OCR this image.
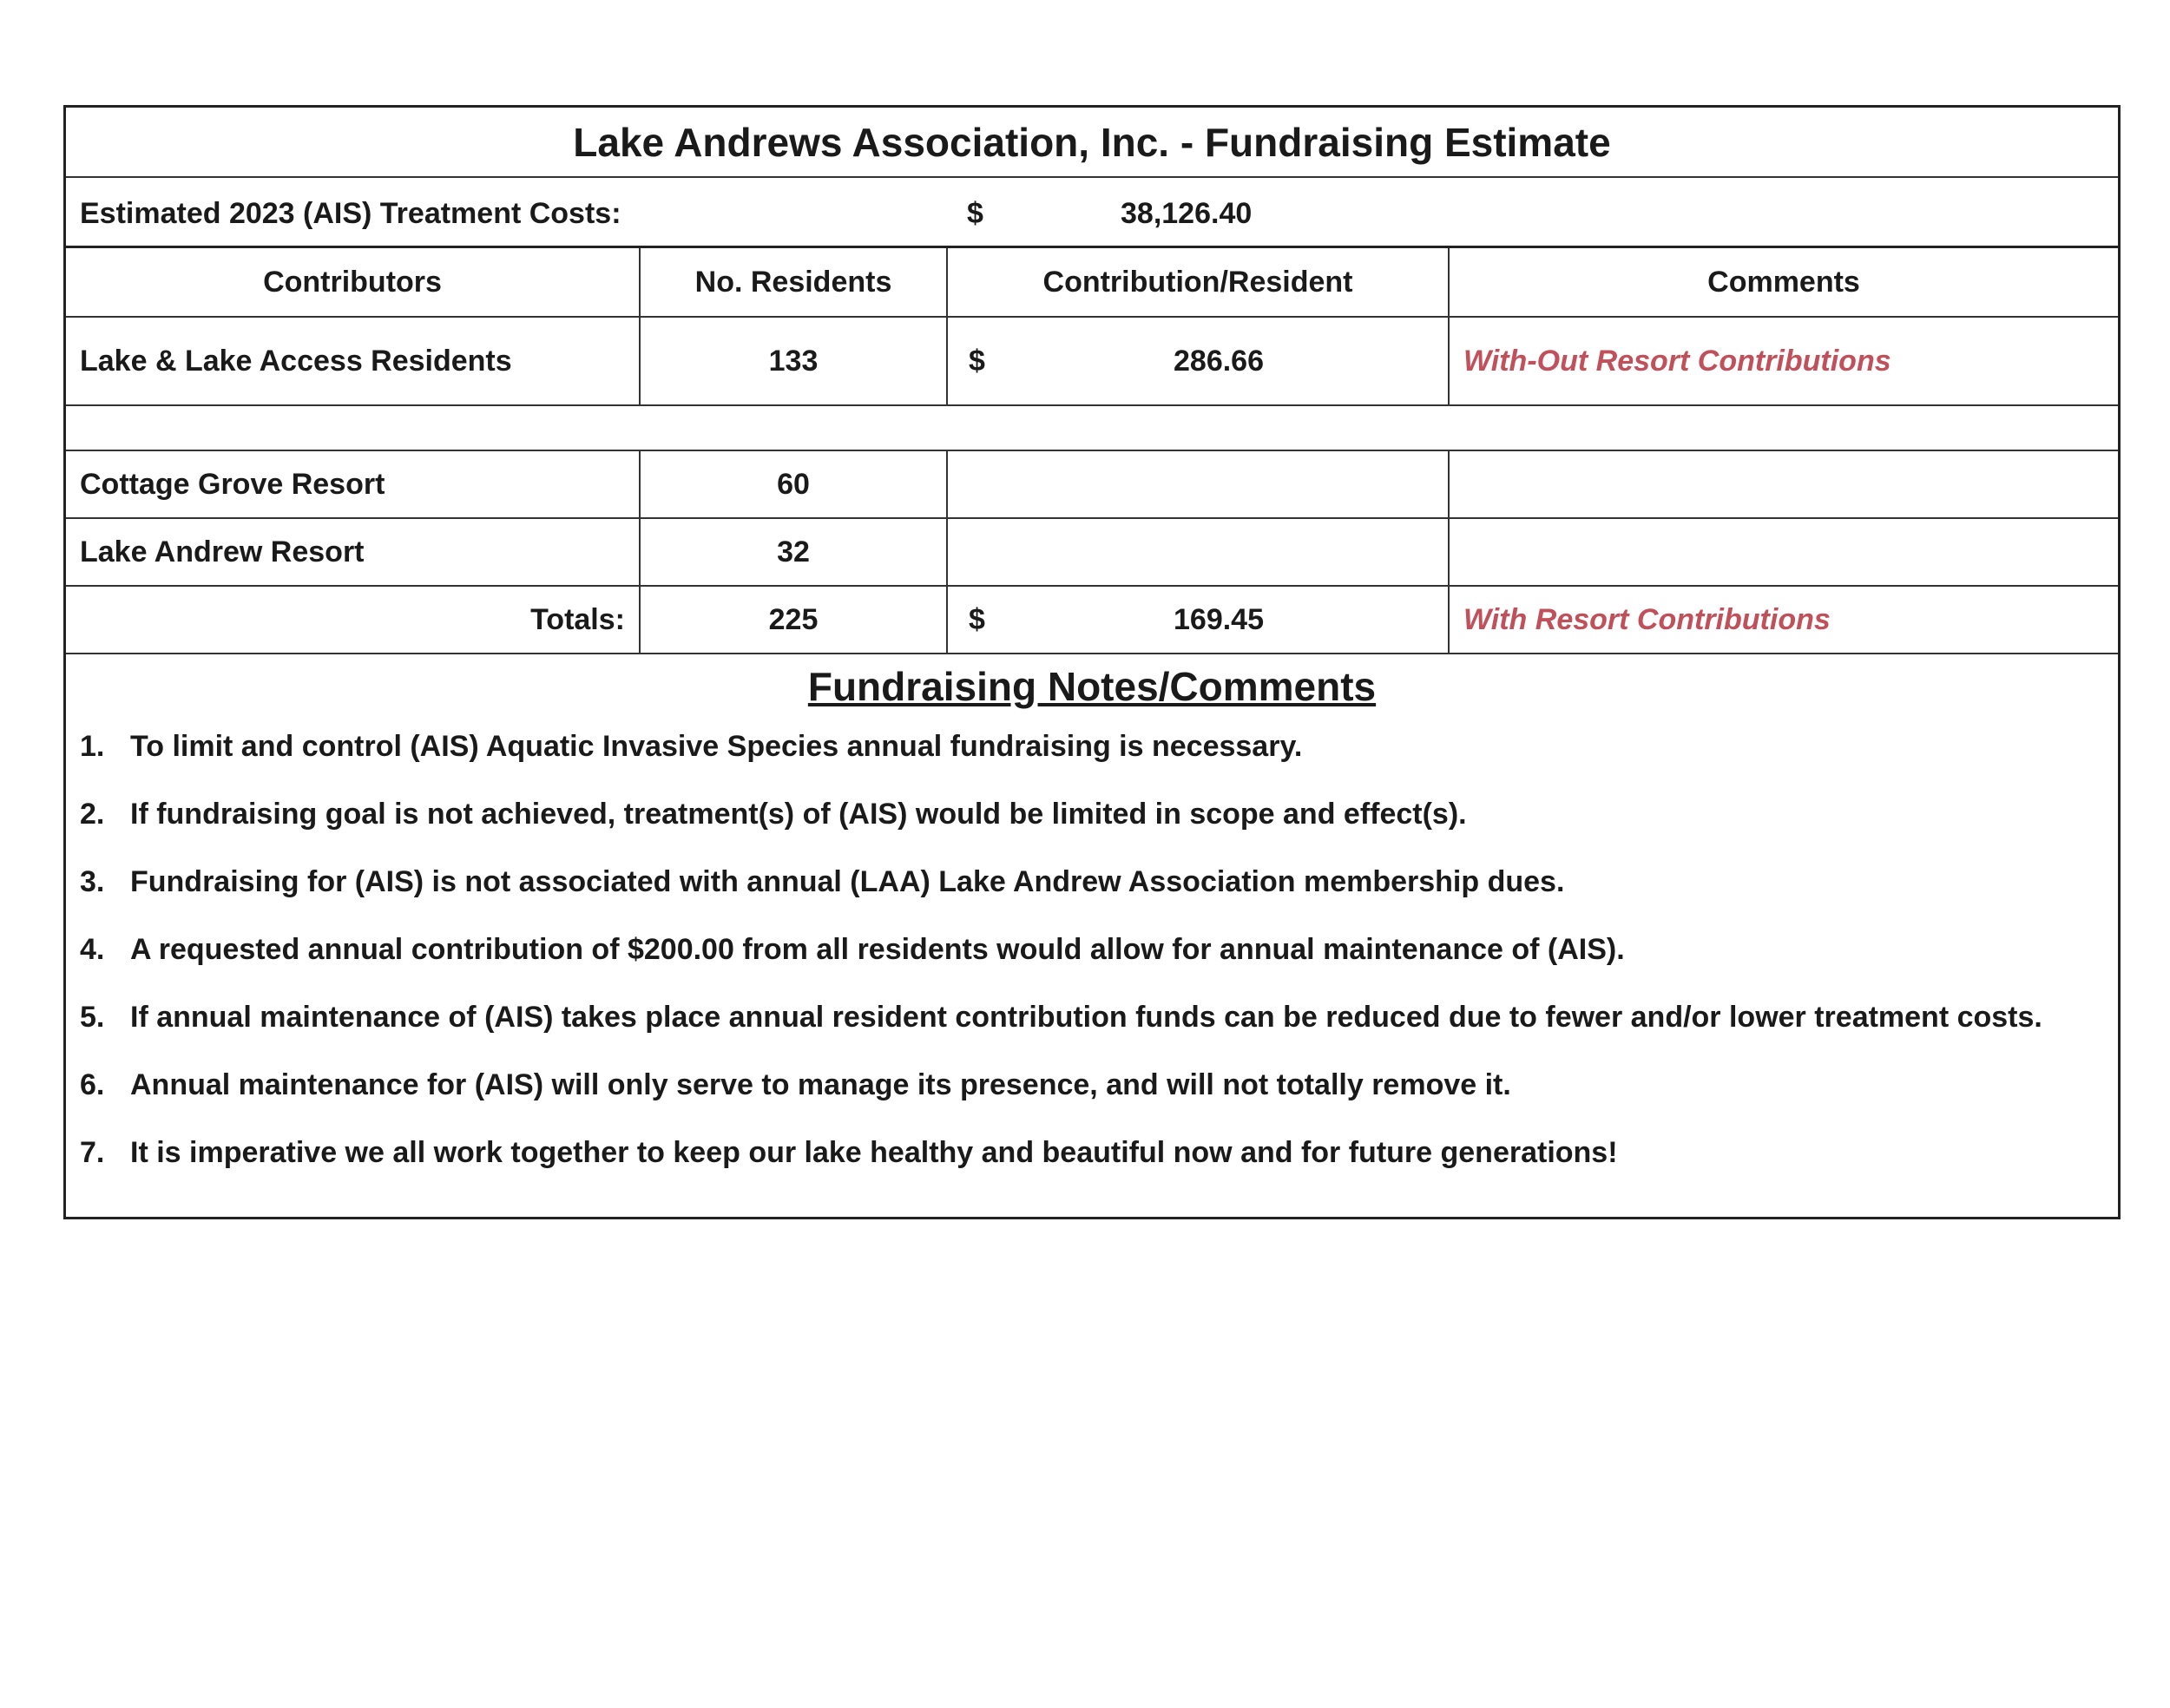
Lake Andrews Association, Inc. - Fundraising Estimate
Estimated 2023 (AIS) Treatment Costs:	$	38,126.40
Contributors	No. Residents	Contribution/Resident	Comments
Lake & Lake Access Residents	133	$ 286.66	With-Out Resort Contributions

Cottage Grove Resort	60		
Lake Andrew Resort	32		
Totals:	225	$ 169.45	With Resort Contributions
Fundraising Notes/Comments
1. To limit and control (AIS) Aquatic Invasive Species annual fundraising is necessary.
2. If fundraising goal is not achieved, treatment(s) of (AIS) would be limited in scope and effect(s).
3. Fundraising for (AIS) is not associated with annual (LAA) Lake Andrew Association membership dues.
4. A requested annual contribution of $200.00 from all residents would allow for annual maintenance of (AIS).
5. If annual maintenance of (AIS) takes place annual resident contribution funds can be reduced due to fewer and/or lower treatment costs.
6. Annual maintenance for (AIS) will only serve to manage its presence, and will not totally remove it.
7. It is imperative we all work together to keep our lake healthy and beautiful now and for future generations!
